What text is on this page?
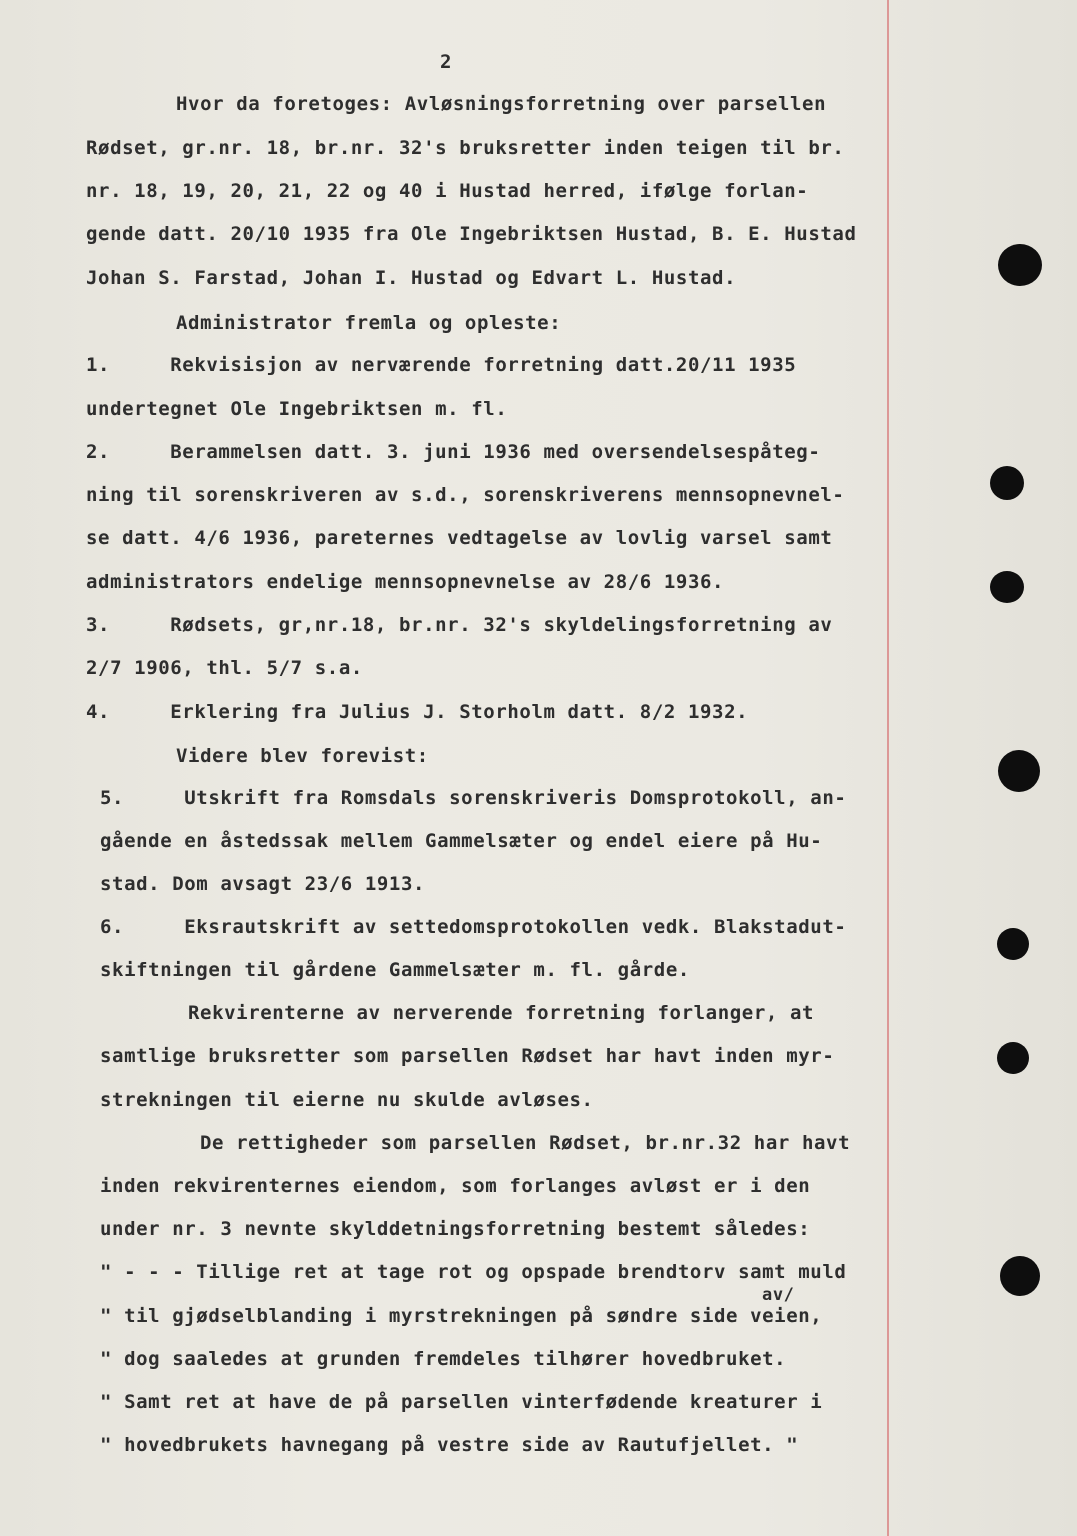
2
Hvor da foretoges: Avløsningsforretning over parsellen
Rødset, gr.nr. 18, br.nr. 32's bruksretter inden teigen til br.
nr. 18, 19, 20, 21, 22 og 40 i Hustad herred, ifølge forlan-
gende datt. 20/10 1935 fra Ole Ingebriktsen Hustad, B. E. Hustad
Johan S. Farstad, Johan I. Hustad og Edvart L. Hustad.
Administrator fremla og opleste:
1.     Rekvisisjon av nerværende forretning datt.20/11 1935
undertegnet Ole Ingebriktsen m. fl.
2.     Berammelsen datt. 3. juni 1936 med oversendelsespåteg-
ning til sorenskriveren av s.d., sorenskriverens mennsopnevnel-
se datt. 4/6 1936, pareternes vedtagelse av lovlig varsel samt
administrators endelige mennsopnevnelse av 28/6 1936.
3.     Rødsets, gr,nr.18, br.nr. 32's skyldelingsforretning av
2/7 1906, thl. 5/7 s.a.
4.     Erklering fra Julius J. Storholm datt. 8/2 1932.
Videre blev forevist:
5.     Utskrift fra Romsdals sorenskriveris Domsprotokoll, an-
gående en åstedssak mellem Gammelsæter og endel eiere på Hu-
stad. Dom avsagt 23/6 1913.
6.     Eksrautskrift av settedomsprotokollen vedk. Blakstadut-
skiftningen til gårdene Gammelsæter m. fl. gårde.
Rekvirenterne av nerverende forretning forlanger, at
samtlige bruksretter som parsellen Rødset har havt inden myr-
strekningen til eierne nu skulde avløses.
De rettigheder som parsellen Rødset, br.nr.32 har havt
inden rekvirenternes eiendom, som forlanges avløst er i den
under nr. 3 nevnte skylddetningsforretning bestemt således:
" - - - Tillige ret at tage rot og opspade brendtorv samt muld
av/
" til gjødselblanding i myrstrekningen på søndre side veien,
" dog saaledes at grunden fremdeles tilhører hovedbruket.
" Samt ret at have de på parsellen vinterfødende kreaturer i
" hovedbrukets havnegang på vestre side av Rautufjellet. "
